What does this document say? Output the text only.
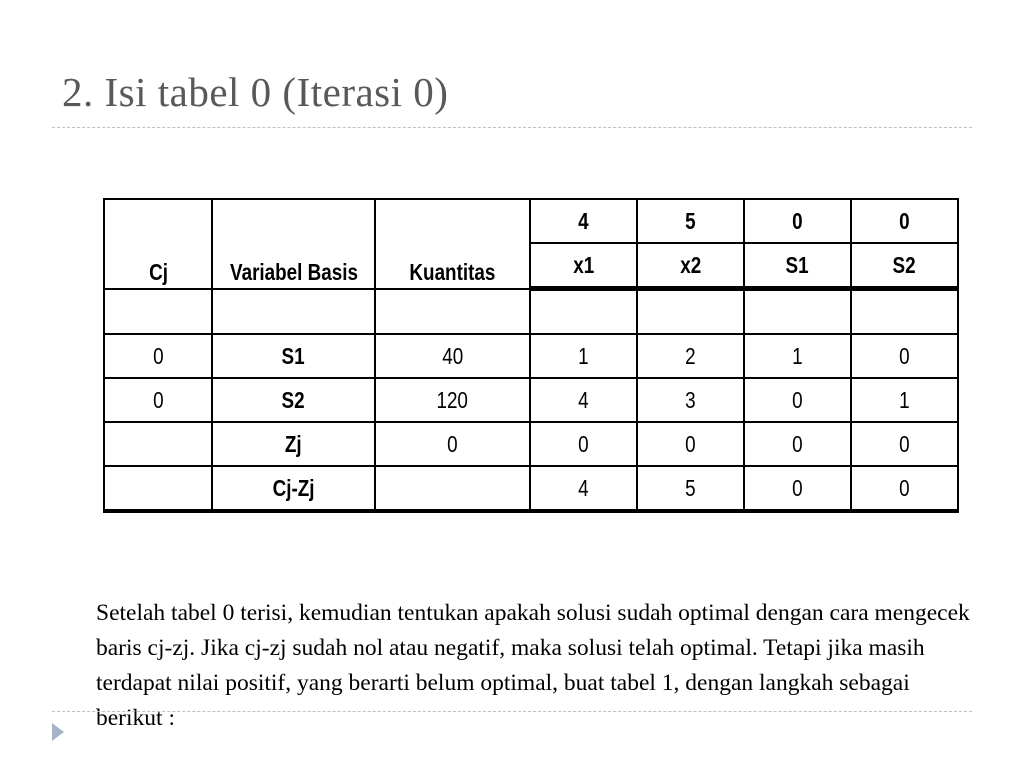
2. Isi tabel 0 (Iterasi 0)
Cj	Variabel Basis	Kuantitas	4	5	0	0
			x1	x2	S1	S2

0	S1	40	1	2	1	0
0	S2	120	4	3	0	1
	Zj	0	0	0	0	0
	Cj-Zj		4	5	0	0

Setelah tabel 0 terisi, kemudian tentukan apakah solusi sudah optimal dengan cara mengecek baris cj-zj. Jika cj-zj sudah nol atau negatif, maka solusi telah optimal. Tetapi jika masih terdapat nilai positif, yang berarti belum optimal, buat tabel 1, dengan langkah sebagai berikut :
